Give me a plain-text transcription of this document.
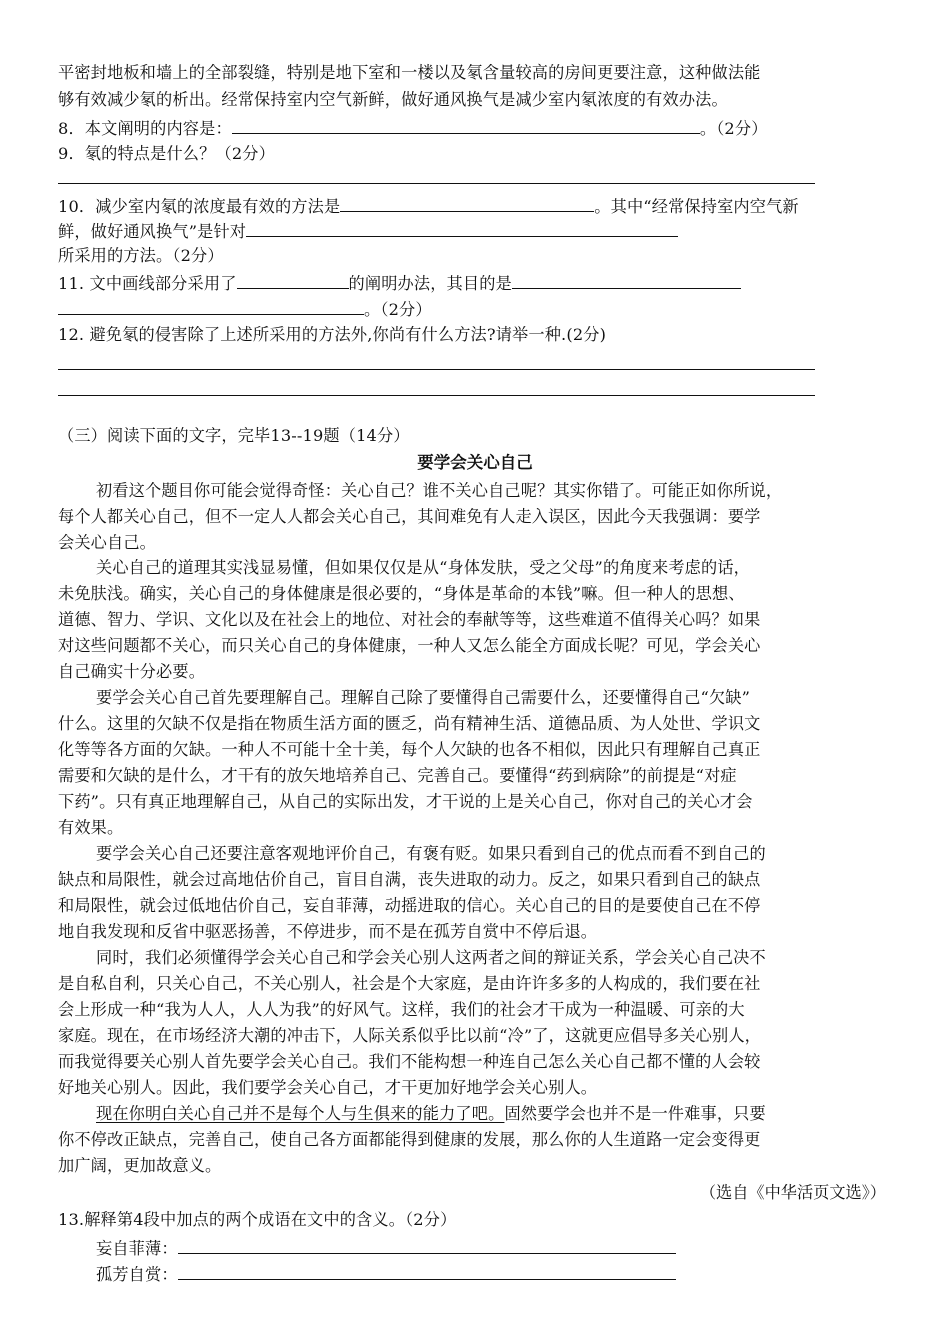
平密封地板和墙上的全部裂缝，特别是地下室和一楼以及氡含量较高的房间更要注意，这种做法能
够有效减少氡的析出。经常保持室内空气新鲜，做好通风换气是减少室内氡浓度的有效办法。
8．本文阐明的内容是：	。（2分）
9．氡的特点是什么？（2分）
10．减少室内氡的浓度最有效的方法是	。其中“经常保持室内空气新
鲜，做好通风换气”是针对
所采用的方法。（2分）
11. 文中画线部分采用了	的阐明办法，其目的是
。（2分）
12. 避免氡的侵害除了上述所采用的方法外,你尚有什么方法?请举一种.(2分)
（三）阅读下面的文字，完毕13--19题（14分）
要学会关心自己
初看这个题目你可能会觉得奇怪：关心自己？谁不关心自己呢？其实你错了。可能正如你所说，
每个人都关心自己，但不一定人人都会关心自己，其间难免有人走入误区，因此今天我强调：要学
会关心自己。
关心自己的道理其实浅显易懂，但如果仅仅是从“身体发肤，受之父母”的角度来考虑的话，
未免肤浅。确实，关心自己的身体健康是很必要的，“身体是革命的本钱”嘛。但一种人的思想、
道德、智力、学识、文化以及在社会上的地位、对社会的奉献等等，这些难道不值得关心吗？如果
对这些问题都不关心，而只关心自己的身体健康，一种人又怎么能全方面成长呢？可见，学会关心
自己确实十分必要。
要学会关心自己首先要理解自己。理解自己除了要懂得自己需要什么，还要懂得自己“欠缺”
什么。这里的欠缺不仅是指在物质生活方面的匮乏，尚有精神生活、道德品质、为人处世、学识文
化等等各方面的欠缺。一种人不可能十全十美，每个人欠缺的也各不相似，因此只有理解自己真正
需要和欠缺的是什么，才干有的放矢地培养自己、完善自己。要懂得“药到病除”的前提是“对症
下药”。只有真正地理解自己，从自己的实际出发，才干说的上是关心自己，你对自己的关心才会
有效果。
要学会关心自己还要注意客观地评价自己，有褒有贬。如果只看到自己的优点而看不到自己的
缺点和局限性，就会过高地估价自己，盲目自满，丧失进取的动力。反之，如果只看到自己的缺点
和局限性，就会过低地估价自己，妄自菲薄，动摇进取的信心。关心自己的目的是要使自己在不停
地自我发现和反省中驱恶扬善，不停进步，而不是在孤芳自赏中不停后退。
同时，我们必须懂得学会关心自己和学会关心别人这两者之间的辩证关系，学会关心自己决不
是自私自利，只关心自己，不关心别人，社会是个大家庭，是由许许多多的人构成的，我们要在社
会上形成一种“我为人人，人人为我”的好风气。这样，我们的社会才干成为一种温暖、可亲的大
家庭。现在，在市场经济大潮的冲击下，人际关系似乎比以前“冷”了，这就更应倡导多关心别人，
而我觉得要关心别人首先要学会关心自己。我们不能构想一种连自己怎么关心自己都不懂的人会较
好地关心别人。因此，我们要学会关心自己，才干更加好地学会关心别人。
现在你明白关心自己并不是每个人与生俱来的能力了吧。固然要学会也并不是一件难事，只要
你不停改正缺点，完善自己，使自己各方面都能得到健康的发展，那么你的人生道路一定会变得更
加广阔，更加故意义。
（选自《中华活页文选》）
13.解释第4段中加点的两个成语在文中的含义。（2分）
妄自菲薄：
孤芳自赏：
